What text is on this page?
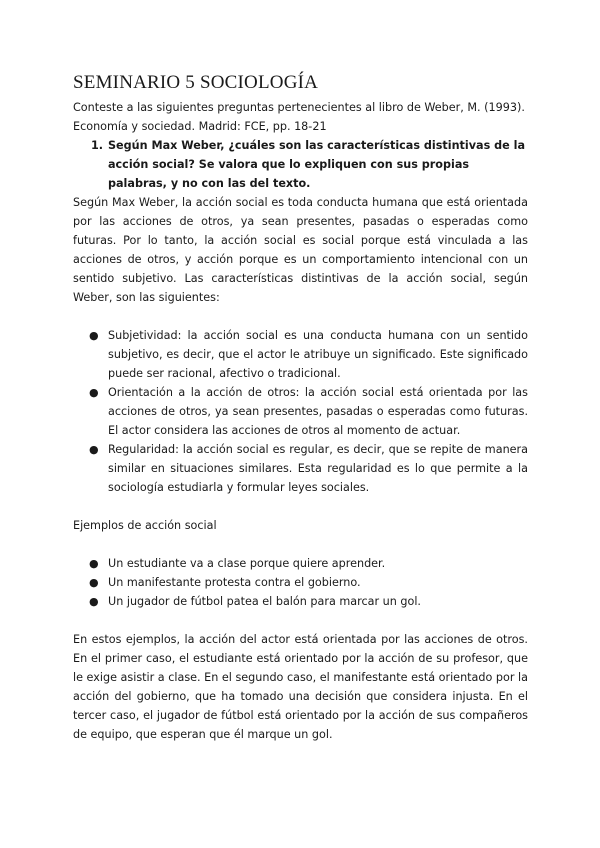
SEMINARIO 5 SOCIOLOGÍA

Conteste a las siguientes preguntas pertenecientes al libro de Weber, M. (1993). Economía y sociedad. Madrid: FCE, pp. 18-21

1. Según Max Weber, ¿cuáles son las características distintivas de la acción social? Se valora que lo expliquen con sus propias palabras, y no con las del texto.

Según Max Weber, la acción social es toda conducta humana que está orientada por las acciones de otros, ya sean presentes, pasadas o esperadas como futuras. Por lo tanto, la acción social es social porque está vinculada a las acciones de otros, y acción porque es un comportamiento intencional con un sentido subjetivo. Las características distintivas de la acción social, según Weber, son las siguientes:

● Subjetividad: la acción social es una conducta humana con un sentido subjetivo, es decir, que el actor le atribuye un significado. Este significado puede ser racional, afectivo o tradicional.
● Orientación a la acción de otros: la acción social está orientada por las acciones de otros, ya sean presentes, pasadas o esperadas como futuras. El actor considera las acciones de otros al momento de actuar.
● Regularidad: la acción social es regular, es decir, que se repite de manera similar en situaciones similares. Esta regularidad es lo que permite a la sociología estudiarla y formular leyes sociales.

Ejemplos de acción social

● Un estudiante va a clase porque quiere aprender.
● Un manifestante protesta contra el gobierno.
● Un jugador de fútbol patea el balón para marcar un gol.

En estos ejemplos, la acción del actor está orientada por las acciones de otros. En el primer caso, el estudiante está orientado por la acción de su profesor, que le exige asistir a clase. En el segundo caso, el manifestante está orientado por la acción del gobierno, que ha tomado una decisión que considera injusta. En el tercer caso, el jugador de fútbol está orientado por la acción de sus compañeros de equipo, que esperan que él marque un gol.
